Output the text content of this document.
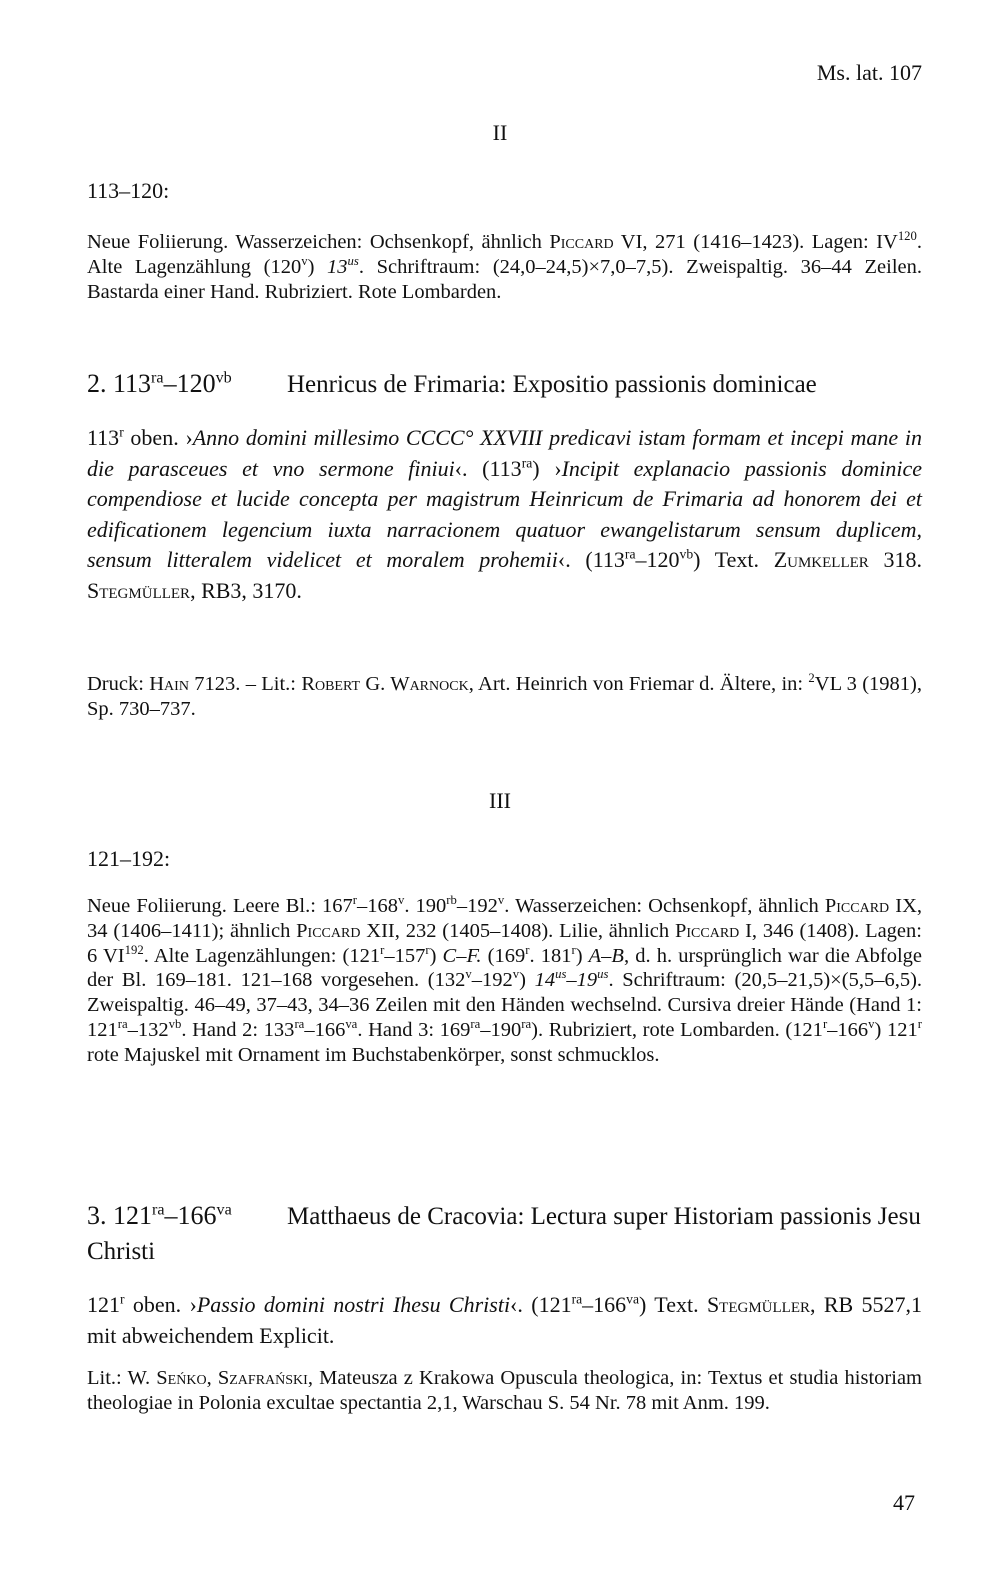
Ms. lat. 107
II
113–120:

Neue Foliierung. Wasserzeichen: Ochsenkopf, ähnlich Piccard VI, 271 (1416–1423). Lagen: IV$^{120}$. Alte Lagenzählung (120$^v$) $13^{us}$. Schriftraum: (24,0–24,5)×7,0–7,5). Zweispaltig. 36–44 Zeilen. Bastarda einer Hand. Rubriziert. Rote Lombarden.

2. $113^{ra}-120^{vb}$ Henricus de Frimaria: Expositio passionis dominicae

113$^r$ oben. ›Anno domini millesimo CCCC° XXVIII predicavi istam formam et incepi mane in die parasceues et vno sermone finiui‹. $(113^{ra})$ ›Incipit explanacio passionis dominice compendiose et lucide concepta per magistrum Heinricum de Frimaria ad honorem dei et edificationem legencium iuxta narracionem quatuor ewangelistarum sensum duplicem, sensum litteralem videlicet et moralem prohemii‹. $(113^{ra}-120^{vb})$ Text. Zumkeller 318. Stegmüller, RB3, 3170.

Druck: Hain 7123. – Lit.: Robert G. Warnock, Art. Heinrich von Friemar d. Ältere, in: $^2$VL 3 (1981), Sp. 730–737.

III
121–192:

Neue Foliierung. Leere Bl.: 167$^r$–168$^v$. $190^{rb}-192^v$. Wasserzeichen: Ochsenkopf, ähnlich Piccard IX, 34 (1406–1411); ähnlich Piccard XII, 232 (1405–1408). Lilie, ähnlich Piccard I, 346 (1408). Lagen: 6 VI$^{192}$. Alte Lagenzählungen: (121$^r$–157$^r$) C–F. (169$^r$. 181$^r$) A–B, d. h. ursprünglich war die Abfolge der Bl. 169–181. 121–168 vorgesehen. (132$^v$–192$^v$) $14^{us}-19^{us}$. Schriftraum: (20,5–21,5)×(5,5–6,5). Zweispaltig. 46–49, 37–43, 34–36 Zeilen mit den Händen wechselnd. Cursiva dreier Hände (Hand 1: $121^{ra}-132^{vb}$. Hand 2: $133^{ra}-166^{va}$. Hand 3: $169^{ra}-190^{ra}$). Rubriziert, rote Lombarden. (121$^r$–166$^v$) 121$^r$ rote Majuskel mit Ornament im Buchstabenkörper, sonst schmucklos.

3. $121^{ra}-166^{va}$ Matthaeus de Cracovia: Lectura super Historiam passionis Jesu Christi

121$^r$ oben. ›Passio domini nostri Ihesu Christi‹. $(121^{ra}-166^{va})$ Text. Stegmüller, RB 5527,1 mit abweichendem Explicit.

Lit.: W. Seńko, Szafrański, Mateusza z Krakowa Opuscula theologica, in: Textus et studia historiam theologiae in Polonia excultae spectantia 2,1, Warschau S. 54 Nr. 78 mit Anm. 199.

47
